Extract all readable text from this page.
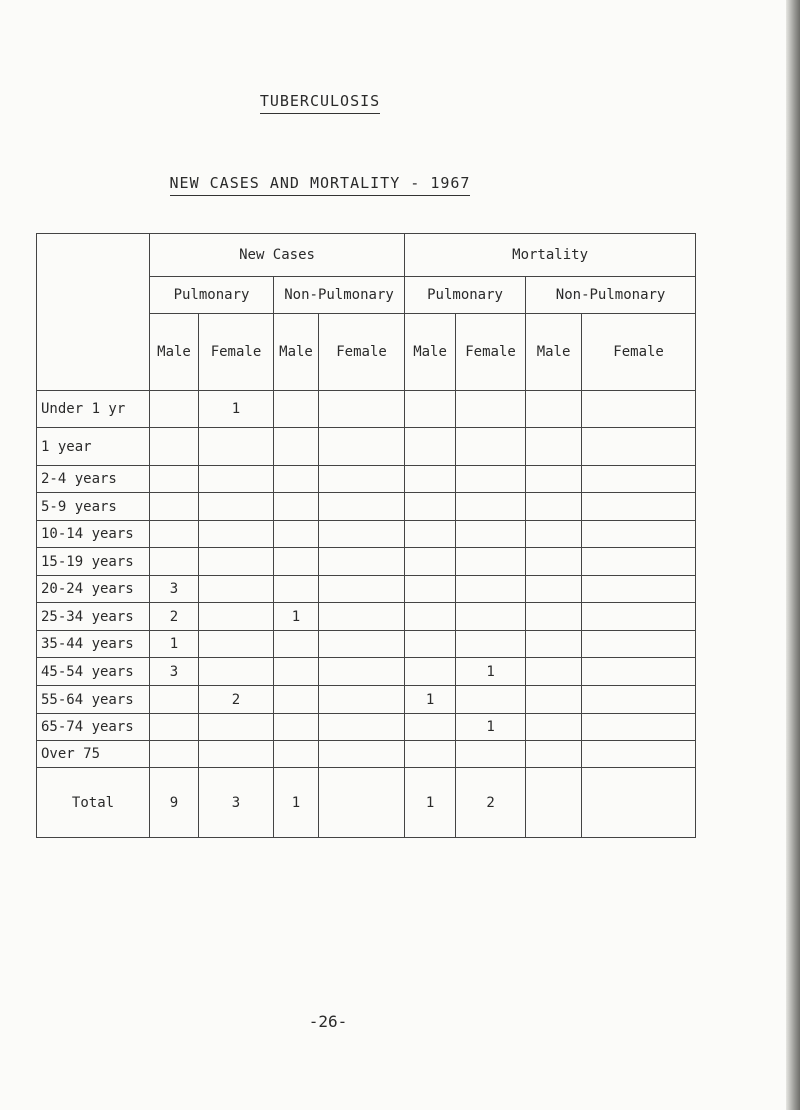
TUBERCULOSIS
NEW CASES AND MORTALITY - 1967
	New Cases				Mortality			
	Pulmonary		Non-Pulmonary		Pulmonary		Non-Pulmonary	
	Male	Female	Male	Female	Male	Female	Male	Female
Under 1 yr		1						
1 year								
2-4 years								
5-9 years								
10-14 years								
15-19 years								
20-24 years	3							
25-34 years	2		1					
35-44 years	1							
45-54 years	3					1		
55-64 years		2			1			
65-74 years						1		
Over 75								
Total	9	3	1		1	2		
-26-
